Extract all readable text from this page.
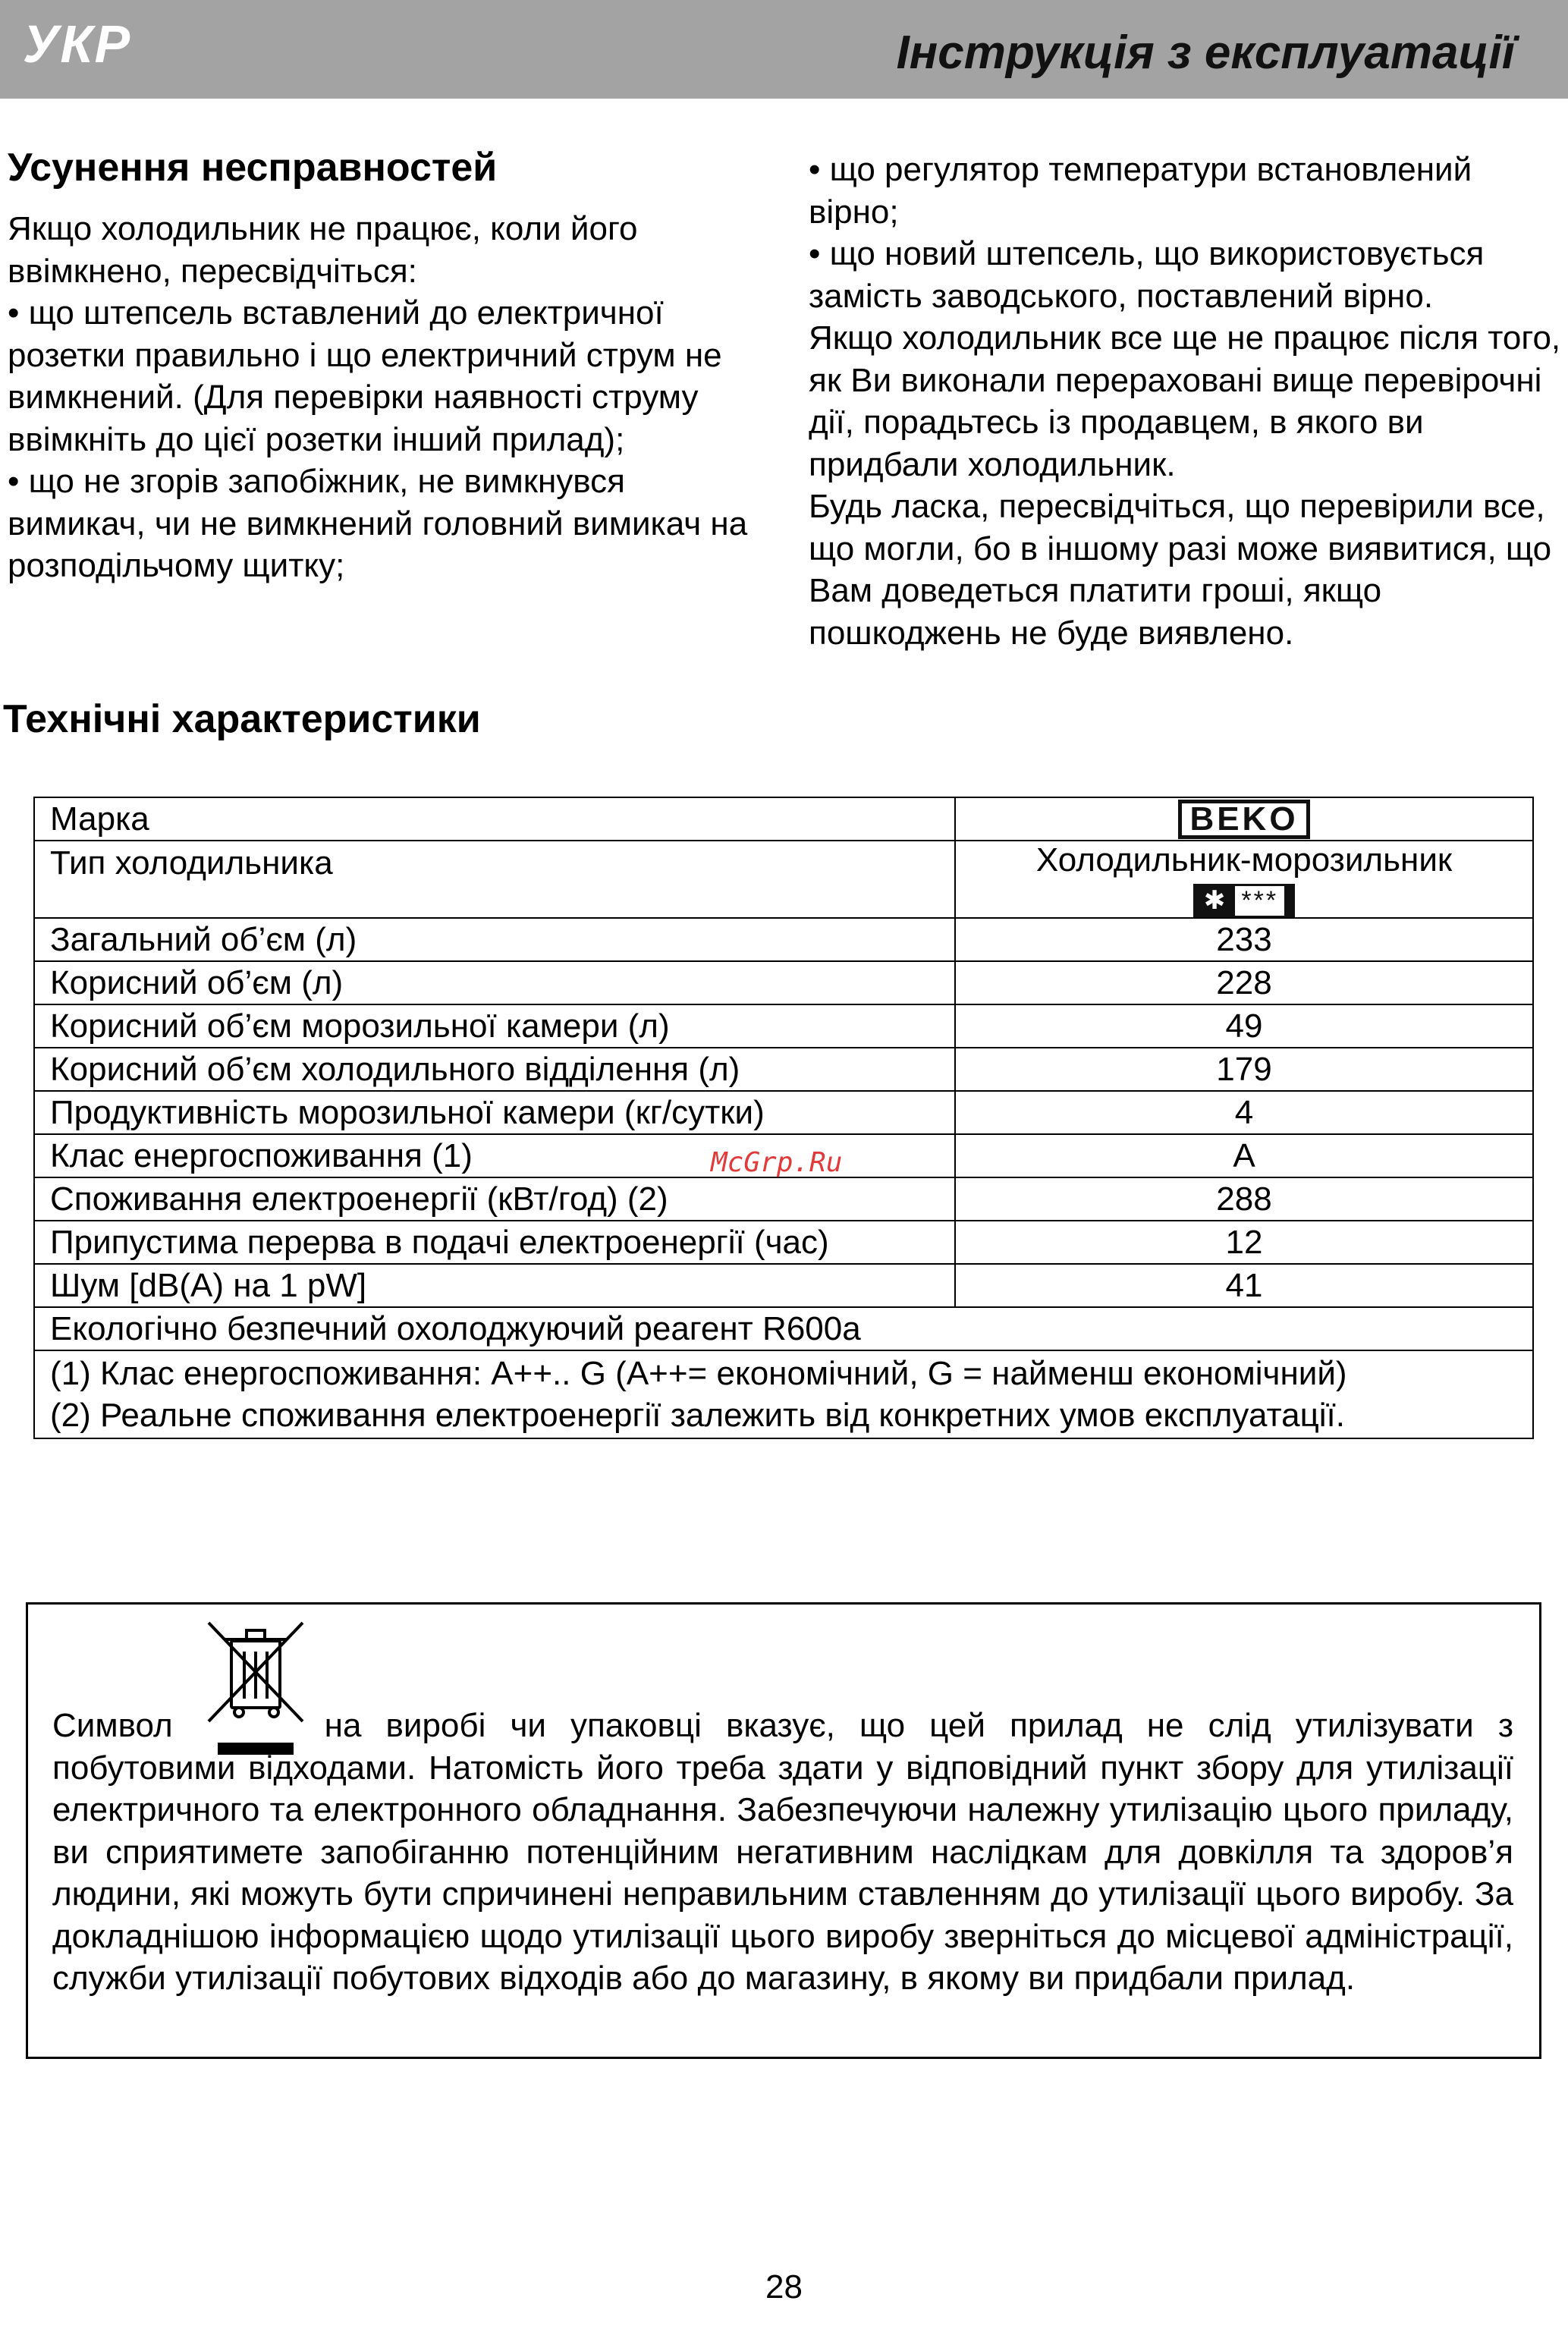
УКР	Інструкція з експлуатації

Усунення несправностей

Якщо холодильник не працює, коли його ввімкнено, пересвідчіться:

• що штепсель вставлений до електричної розетки правильно і що електричний струм не вимкнений. (Для перевірки наявності струму ввімкніть до цієї розетки інший прилад);

• що не згорів запобіжник, не вимкнувся вимикач, чи не вимкнений головний вимикач на розподільчому щитку;

• що регулятор температури встановлений вірно;

• що новий штепсель, що використовується замість заводського, поставлений вірно.

Якщо холодильник все ще не працює після того, як Ви виконали перераховані вище перевірочні дії, порадьтесь із продавцем, в якого ви придбали холодильник.

Будь ласка, пересвідчіться, що перевірили все, що могли, бо в іншому разі може виявитися, що Вам доведеться платити гроші, якщо пошкоджень не буде виявлено.

Технічні характеристики
Марка	BEKO
Тип холодильника	Холодильник-морозильник
✱ ***
Загальний об’єм (л)	233
Корисний об’єм (л)	228
Корисний об’єм морозильної камери (л)	49
Корисний об’єм холодильного відділення (л)	179
Продуктивність морозильної камери (кг/сутки)	4
Клас енергоспоживання (1)	A
Споживання електроенергії (кВт/год) (2)	288
Припустима перерва в подачі електроенергії (час)	12
Шум [dB(A) на 1 pW]	41
Екологічно безпечний охолоджуючий реагент R600a	

(1) Клас енергоспоживання: A++.. G (A++= економічний, G = найменш економічний)
(2) Реальне споживання електроенергії залежить від конкретних умов експлуатації.	
McGrp.Ru
Символ	на виробі чи упаковці вказує, що цей прилад не слід утилізувати з побутовими відходами. Натомість його треба здати у відповідний пункт збору для утилізації електричного та електронного обладнання. Забезпечуючи належну утилізацію цього приладу, ви сприятимете запобіганню потенційним негативним наслідкам для довкілля та здоров’я людини, які можуть бути спричинені неправильним ставленням до утилізації цього виробу. За докладнішою інформацією щодо утилізації цього виробу зверніться до місцевої адміністрації, служби утилізації побутових відходів або до магазину, в якому ви придбали прилад.
28
